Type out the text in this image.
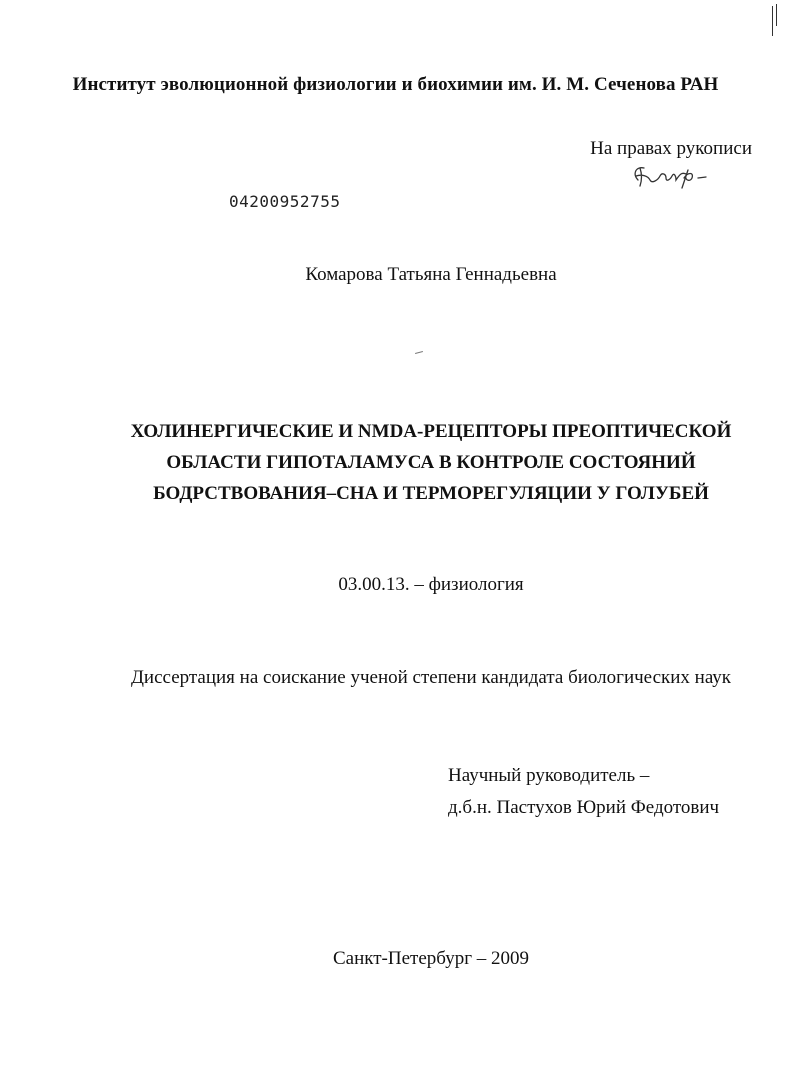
Институт эволюционной физиологии и биохимии им. И. М. Сеченова РАН
На правах рукописи
04200952755
Комарова Татьяна Геннадьевна
ХОЛИНЕРГИЧЕСКИЕ И NMDA-РЕЦЕПТОРЫ ПРЕОПТИЧЕСКОЙ
ОБЛАСТИ ГИПОТАЛАМУСА В КОНТРОЛЕ СОСТОЯНИЙ
БОДРСТВОВАНИЯ–СНА И ТЕРМОРЕГУЛЯЦИИ У ГОЛУБЕЙ
03.00.13. – физиология
Диссертация на соискание ученой степени кандидата биологических наук
Научный руководитель –
д.б.н. Пастухов Юрий Федотович
Санкт-Петербург – 2009
